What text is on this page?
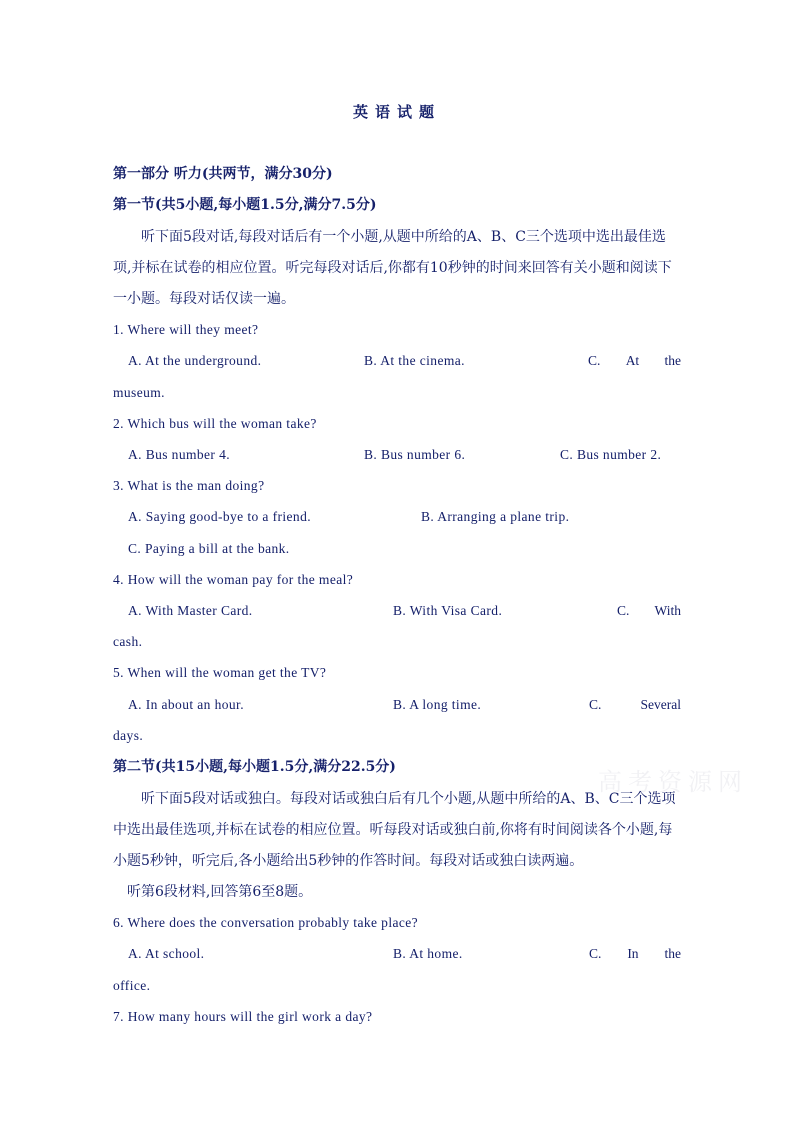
英语试题
第一部分 听力(共两节，满分30分)
第一节(共5小题,每小题1.5分,满分7.5分)
听下面5段对话,每段对话后有一个小题,从题中所给的A、B、C三个选项中选出最佳选
项,并标在试卷的相应位置。听完每段对话后,你都有10秒钟的时间来回答有关小题和阅读下
一小题。每段对话仅读一遍。
1. Where will they meet?
A. At the underground.	B. At the cinema.	C. At the
museum.
2. Which bus will the woman take?
A. Bus number 4.	B. Bus number 6.	C. Bus number 2.
3. What is the man doing?
A. Saying good-bye to a friend.	B. Arranging a plane trip.
C. Paying a bill at the bank.
4. How will the woman pay for the meal?
A. With Master Card.	B. With Visa Card.	C. With
cash.
5. When will the woman get the TV?
A. In about an hour.	B. A long time.	C.	Several
days.
第二节(共15小题,每小题1.5分,满分22.5分)
听下面5段对话或独白。每段对话或独白后有几个小题,从题中所给的A、B、C三个选项
中选出最佳选项,并标在试卷的相应位置。听每段对话或独白前,你将有时间阅读各个小题,每
小题5秒钟，听完后,各小题给出5秒钟的作答时间。每段对话或独白读两遍。
听第6段材料,回答第6至8题。
6. Where does the conversation probably take place?
A. At school.	B. At home.	C. In the
office.
7. How many hours will the girl work a day?
高考资源网
